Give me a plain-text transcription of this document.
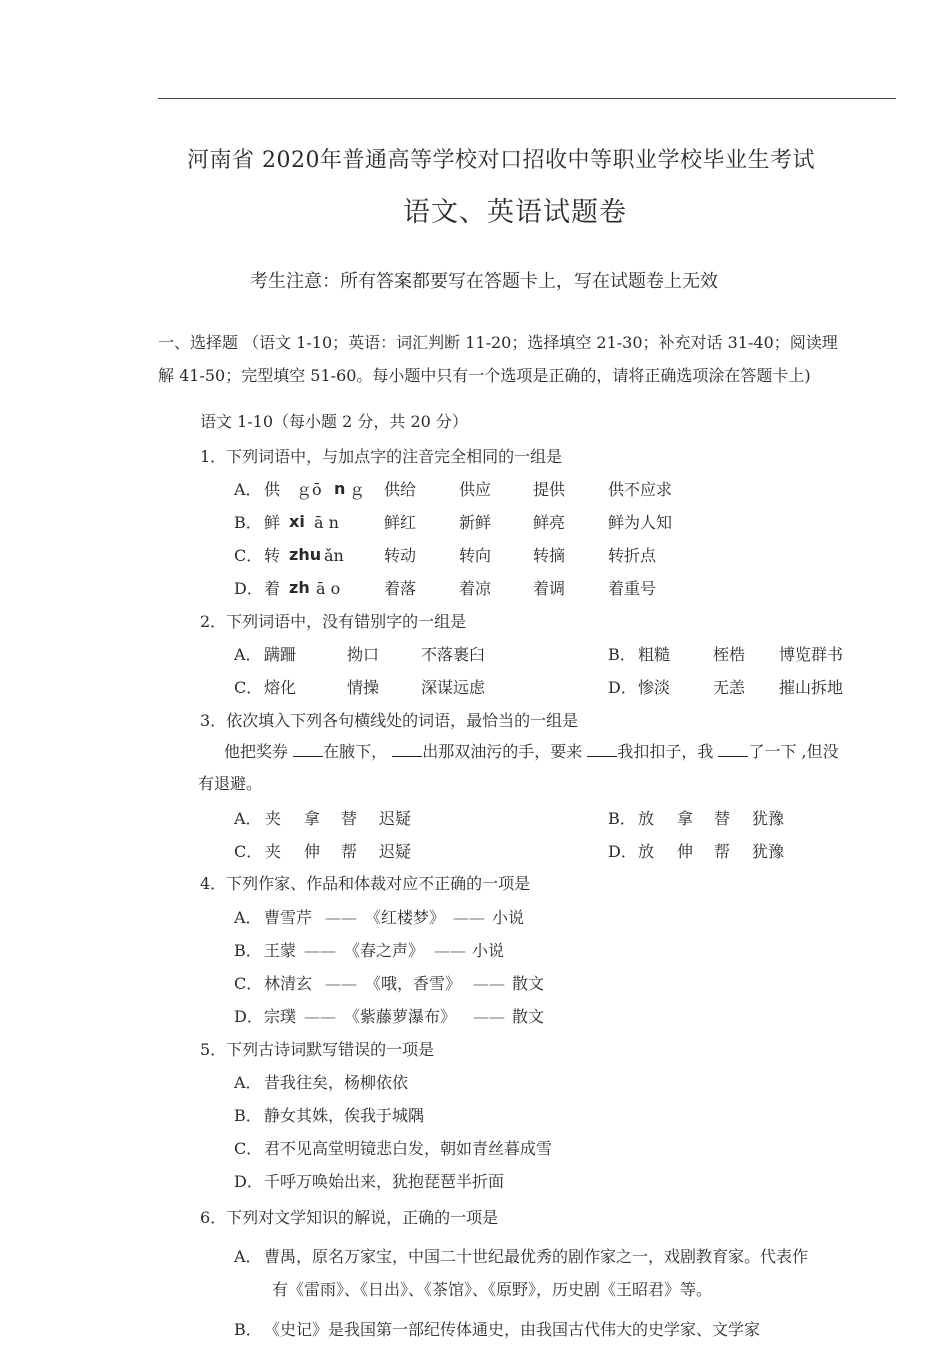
河南省 2020年普通高等学校对口招收中等职业学校毕业生考试
语文、英语试题卷
考生注意：所有答案都要写在答题卡上，写在试题卷上无效
一、选择题 （语文 1-10；英语：词汇判断 11-20；选择填空 21-30；补充对话 31-40；阅读理
解 41-50；完型填空 51-60。每小题中只有一个选项是正确的，请将正确选项涂在答题卡上)
语文 1-10（每小题 2 分，共 20 分）
1．下列词语中，与加点字的注音完全相同的一组是
A． 供 ｇō n ｇ 供给	供应	提供	供不应求
B． 鲜 xi ā n	鲜红	新鲜	鲜亮	鲜为人知
C． 转 zhu ǎn	转动	转向	转摘	转折点
D． 着 zh ā o	着落	着凉	着调	着重号
2．下列词语中，没有错别字的一组是
A． 蹒跚	拗口	不落裹臼	B． 粗糙	桎梏 博览群书
C． 熔化	情操	深谋远虑	D． 惨淡	无恙 摧山拆地
3．依次填入下列各句横线处的词语，最恰当的一组是
他把奖券 在腋下， 出那双油污的手，要来 我扣扣子，我 了一下 ,但没
有退避。
A． 夹 拿 替 迟疑	B． 放 拿 替 犹豫
C． 夹 伸 帮 迟疑	D． 放 伸 帮 犹豫
4．下列作家、作品和体裁对应不正确的一项是
A． 曹雪芹 —— 《红楼梦》 —— 小说
B． 王蒙 —— 《春之声》 —— 小说
C． 林清玄 —— 《哦，香雪》 —— 散文
D． 宗璞 —— 《紫藤萝瀑布》 —— 散文
5．下列古诗词默写错误的一项是
A． 昔我往矣，杨柳依依
B． 静女其姝，俟我于城隅
C． 君不见高堂明镜悲白发，朝如青丝暮成雪
D． 千呼万唤始出来，犹抱琵琶半折面
6．下列对文学知识的解说，正确的一项是
A． 曹禺，原名万家宝，中国二十世纪最优秀的剧作家之一，戏剧教育家。代表作
有《雷雨》、《日出》、《茶馆》、《原野》，历史剧《王昭君》等。
B． 《史记》是我国第一部纪传体通史，由我国古代伟大的史学家、文学家
